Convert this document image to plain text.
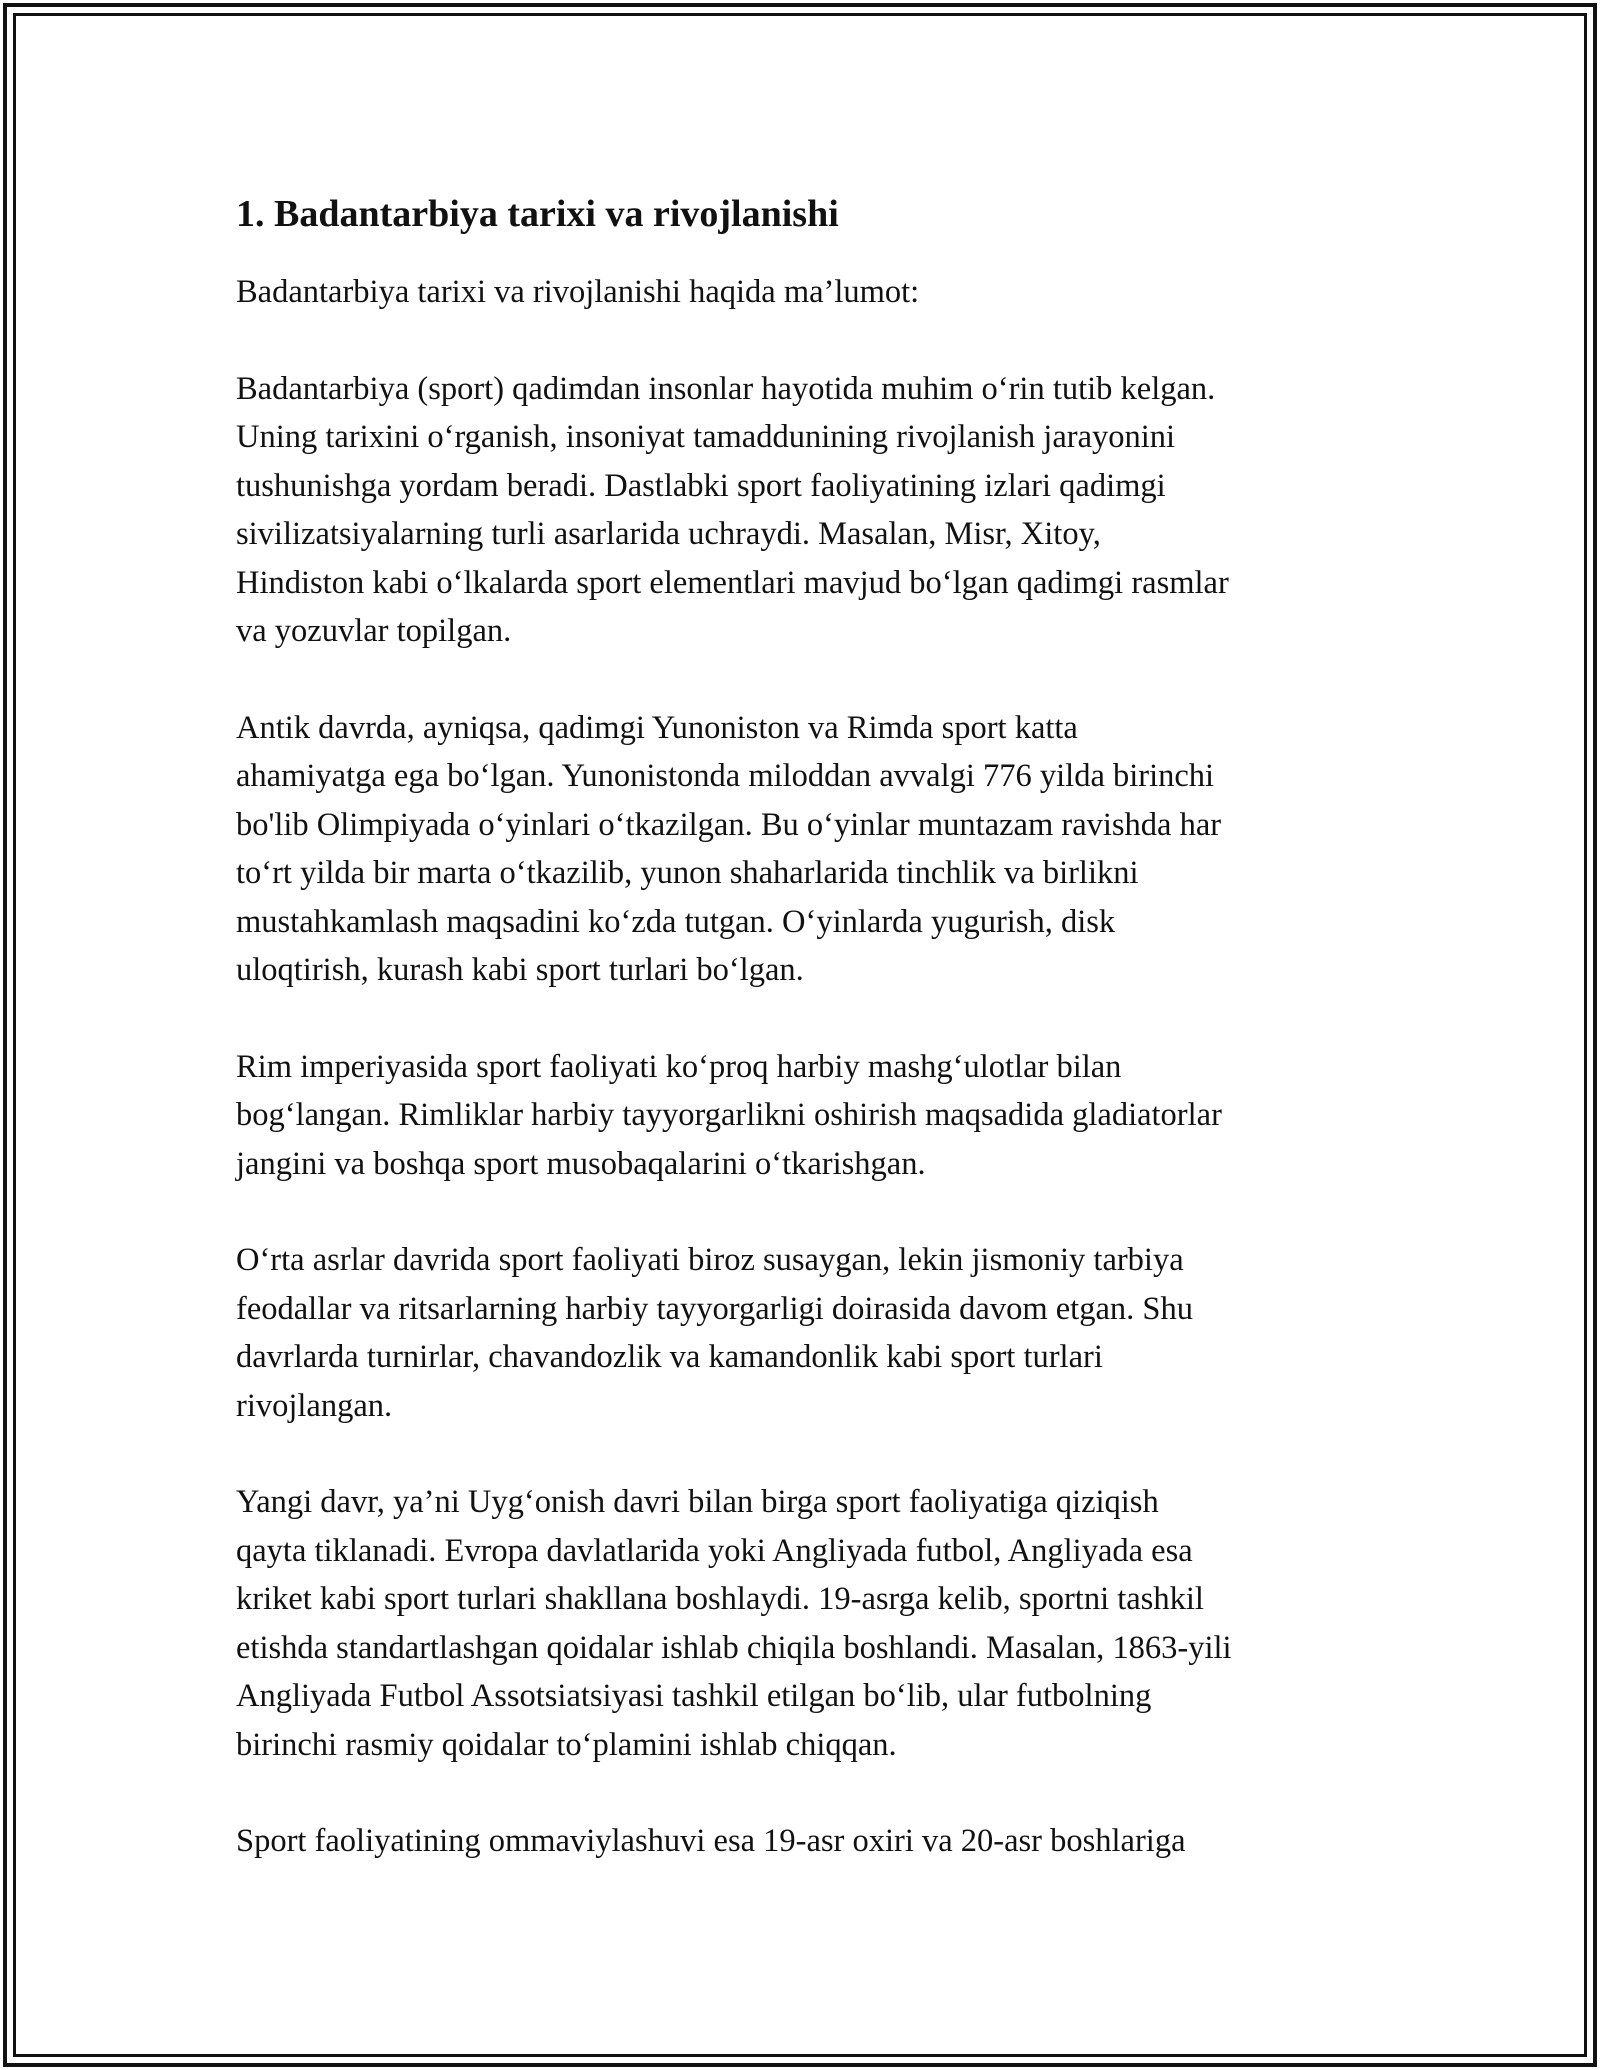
1. Badantarbiya tarixi va rivojlanishi

Badantarbiya tarixi va rivojlanishi haqida ma’lumot:

Badantarbiya (sport) qadimdan insonlar hayotida muhim o‘rin tutib kelgan.
Uning tarixini o‘rganish, insoniyat tamaddunining rivojlanish jarayonini
tushunishga yordam beradi. Dastlabki sport faoliyatining izlari qadimgi
sivilizatsiyalarning turli asarlarida uchraydi. Masalan, Misr, Xitoy,
Hindiston kabi o‘lkalarda sport elementlari mavjud bo‘lgan qadimgi rasmlar
va yozuvlar topilgan.

Antik davrda, ayniqsa, qadimgi Yunoniston va Rimda sport katta
ahamiyatga ega bo‘lgan. Yunonistonda miloddan avvalgi 776 yilda birinchi
bo'lib Olimpiyada o‘yinlari o‘tkazilgan. Bu o‘yinlar muntazam ravishda har
to‘rt yilda bir marta o‘tkazilib, yunon shaharlarida tinchlik va birlikni
mustahkamlash maqsadini ko‘zda tutgan. O‘yinlarda yugurish, disk
uloqtirish, kurash kabi sport turlari bo‘lgan.

Rim imperiyasida sport faoliyati ko‘proq harbiy mashg‘ulotlar bilan
bog‘langan. Rimliklar harbiy tayyorgarlikni oshirish maqsadida gladiatorlar
jangini va boshqa sport musobaqalarini o‘tkarishgan.

O‘rta asrlar davrida sport faoliyati biroz susaygan, lekin jismoniy tarbiya
feodallar va ritsarlarning harbiy tayyorgarligi doirasida davom etgan. Shu
davrlarda turnirlar, chavandozlik va kamandonlik kabi sport turlari
rivojlangan.

Yangi davr, ya’ni Uyg‘onish davri bilan birga sport faoliyatiga qiziqish
qayta tiklanadi. Evropa davlatlarida yoki Angliyada futbol, Angliyada esa
kriket kabi sport turlari shakllana boshlaydi. 19-asrga kelib, sportni tashkil
etishda standartlashgan qoidalar ishlab chiqila boshlandi. Masalan, 1863-yili
Angliyada Futbol Assotsiatsiyasi tashkil etilgan bo‘lib, ular futbolning
birinchi rasmiy qoidalar to‘plamini ishlab chiqqan.

Sport faoliyatining ommaviylashuvi esa 19-asr oxiri va 20-asr boshlariga
